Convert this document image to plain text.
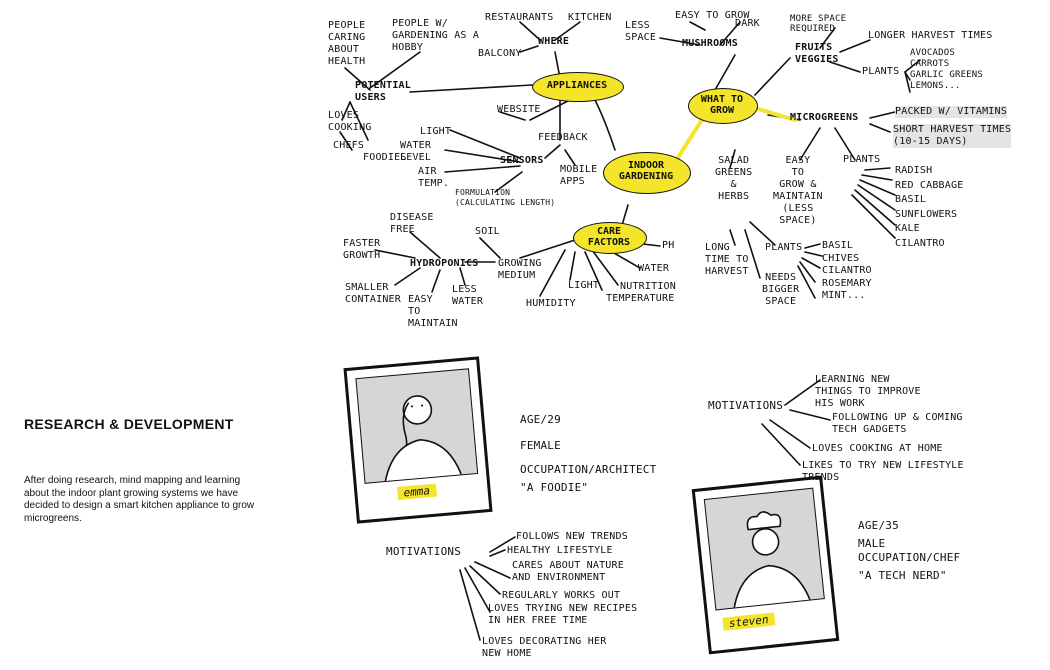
RESEARCH & DEVELOPMENT
After doing research, mind mapping and learning about the indoor plant growing systems we have decided to design a smart kitchen appliance to grow microgreens.
APPLIANCES
WHAT TO
GROW
INDOOR
GARDENING
CARE
FACTORS
RESTAURANTS KITCHEN
WHERE
BALCONY
PEOPLE
CARING
ABOUT
HEALTH
PEOPLE W/
GARDENING AS A
HOBBY
POTENTIAL
USERS
LOVES
COOKING
CHEFS
FOODIES
WEBSITE
FEEDBACK
MOBILE
APPS
SENSORS
LIGHT
WATER
LEVEL
AIR
TEMP.
FORMULATION
(CALCULATING LENGTH)
PH
WATER
NUTRITION
TEMPERATURE
LIGHT
HUMIDITY
SOIL
GROWING
MEDIUM
HYDROPONICS
DISEASE
FREE
FASTER
GROWTH
SMALLER
CONTAINER EASY
TO
MAINTAIN
LESS
WATER
LESS
SPACE
EASY TO GROW
DARK
MUSHROOMS
MORE SPACE
REQUIRED
FRUITS
VEGGIES
LONGER HARVEST TIMES
PLANTS
AVOCADOS
CARROTS
GARLIC GREENS
LEMONS...
MICROGREENS
PACKED W/ VITAMINS
SHORT HARVEST TIMES
(10-15 DAYS)
EASY
TO
GROW &
MAINTAIN
(LESS
SPACE)
PLANTS
RADISH
RED CABBAGE
BASIL
SUNFLOWERS
KALE
CILANTRO
SALAD
GREENS
&
HERBS
LONG
TIME TO
HARVEST
NEEDS
BIGGER
SPACE
PLANTS BASIL
CHIVES
CILANTRO
ROSEMARY
MINT...
emma
AGE/29
FEMALE
OCCUPATION/ARCHITECT
"A FOODIE"
MOTIVATIONS
FOLLOWS NEW TRENDS
HEALTHY LIFESTYLE
CARES ABOUT NATURE
AND ENVIRONMENT
REGULARLY WORKS OUT
LOVES TRYING NEW RECIPES
IN HER FREE TIME
LOVES DECORATING HER
NEW HOME
steven
AGE/35
MALE
OCCUPATION/CHEF
"A TECH NERD"
MOTIVATIONS
LEARNING NEW
THINGS TO IMPROVE
HIS WORK
FOLLOWING UP & COMING
TECH GADGETS
LOVES COOKING AT HOME
LIKES TO TRY NEW LIFESTYLE
TRENDS
